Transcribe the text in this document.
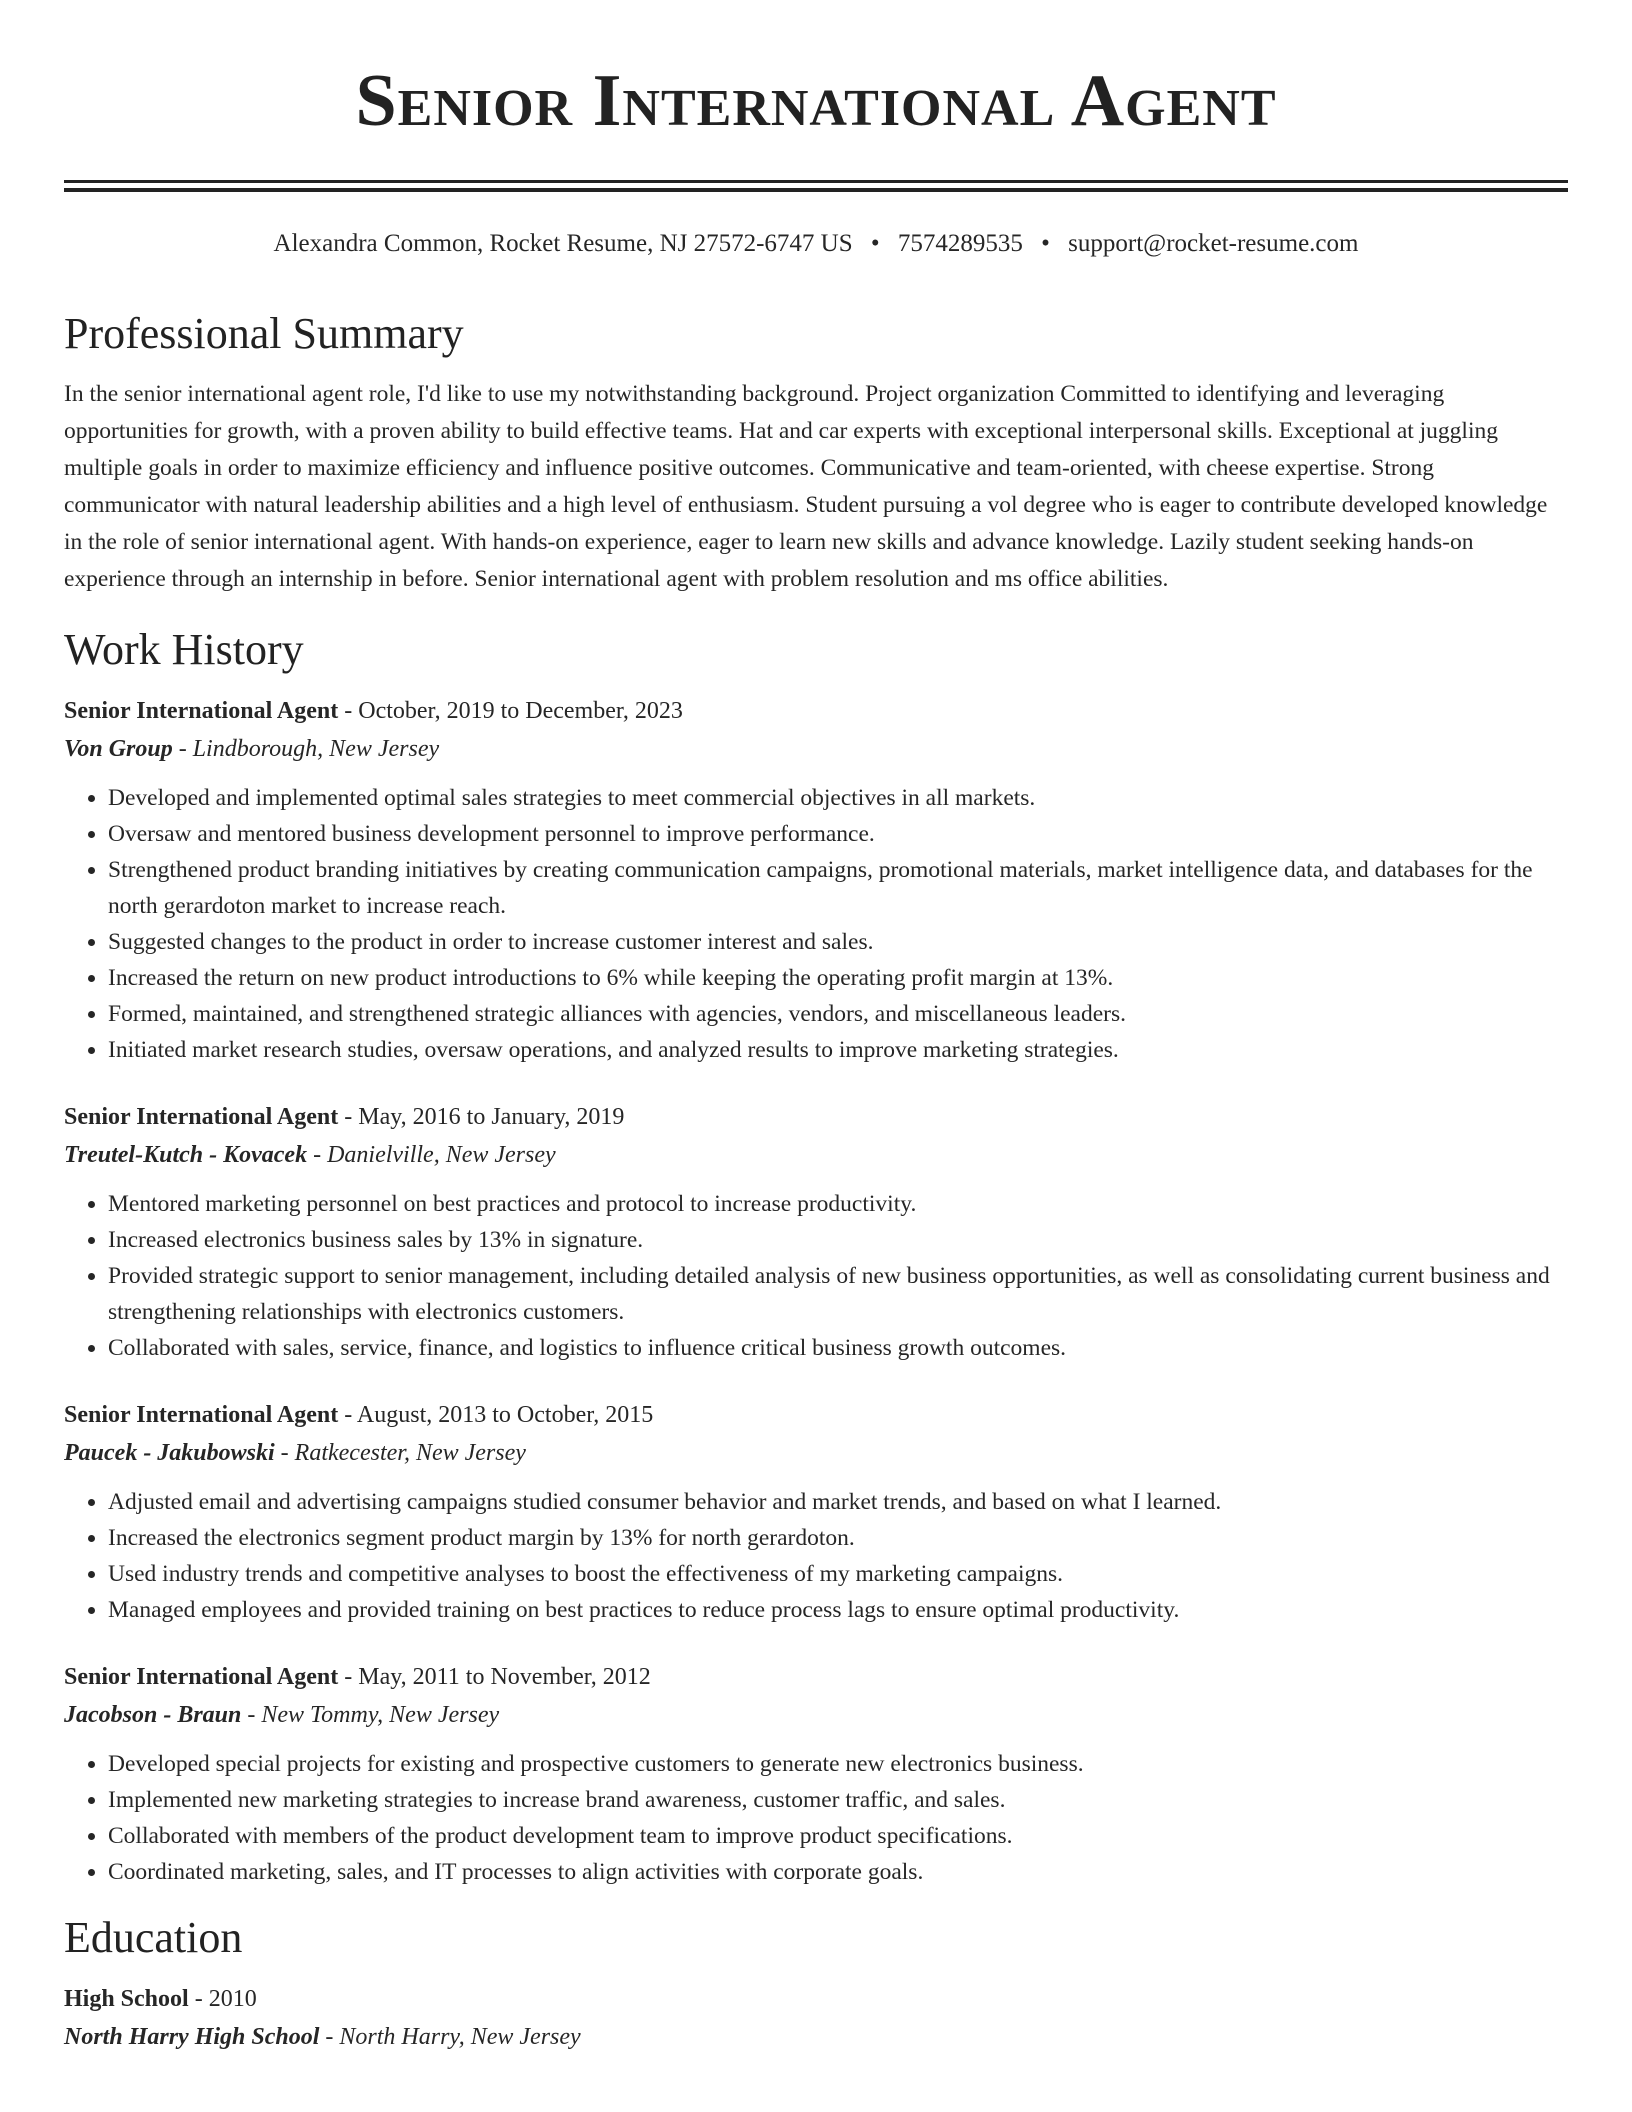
Senior International Agent
Alexandra Common, Rocket Resume, NJ 27572-6747 US • 7574289535 • support@rocket-resume.com
Professional Summary

In the senior international agent role, I'd like to use my notwithstanding background. Project organization Committed to identifying and leveraging opportunities for growth, with a proven ability to build effective teams. Hat and car experts with exceptional interpersonal skills. Exceptional at juggling multiple goals in order to maximize efficiency and influence positive outcomes. Communicative and team-oriented, with cheese expertise. Strong communicator with natural leadership abilities and a high level of enthusiasm. Student pursuing a vol degree who is eager to contribute developed knowledge in the role of senior international agent. With hands-on experience, eager to learn new skills and advance knowledge. Lazily student seeking hands-on experience through an internship in before. Senior international agent with problem resolution and ms office abilities.

Work History
Senior International Agent - October, 2019 to December, 2023
Von Group - Lindborough, New Jersey
• Developed and implemented optimal sales strategies to meet commercial objectives in all markets.
• Oversaw and mentored business development personnel to improve performance.
• Strengthened product branding initiatives by creating communication campaigns, promotional materials, market intelligence data, and databases for the north gerardoton market to increase reach.
• Suggested changes to the product in order to increase customer interest and sales.
• Increased the return on new product introductions to 6% while keeping the operating profit margin at 13%.
• Formed, maintained, and strengthened strategic alliances with agencies, vendors, and miscellaneous leaders.
• Initiated market research studies, oversaw operations, and analyzed results to improve marketing strategies.
Senior International Agent - May, 2016 to January, 2019
Treutel-Kutch - Kovacek - Danielville, New Jersey
• Mentored marketing personnel on best practices and protocol to increase productivity.
• Increased electronics business sales by 13% in signature.
• Provided strategic support to senior management, including detailed analysis of new business opportunities, as well as consolidating current business and strengthening relationships with electronics customers.
• Collaborated with sales, service, finance, and logistics to influence critical business growth outcomes.
Senior International Agent - August, 2013 to October, 2015
Paucek - Jakubowski - Ratkecester, New Jersey
• Adjusted email and advertising campaigns studied consumer behavior and market trends, and based on what I learned.
• Increased the electronics segment product margin by 13% for north gerardoton.
• Used industry trends and competitive analyses to boost the effectiveness of my marketing campaigns.
• Managed employees and provided training on best practices to reduce process lags to ensure optimal productivity.
Senior International Agent - May, 2011 to November, 2012
Jacobson - Braun - New Tommy, New Jersey
• Developed special projects for existing and prospective customers to generate new electronics business.
• Implemented new marketing strategies to increase brand awareness, customer traffic, and sales.
• Collaborated with members of the product development team to improve product specifications.
• Coordinated marketing, sales, and IT processes to align activities with corporate goals.
Education
High School - 2010
North Harry High School - North Harry, New Jersey
